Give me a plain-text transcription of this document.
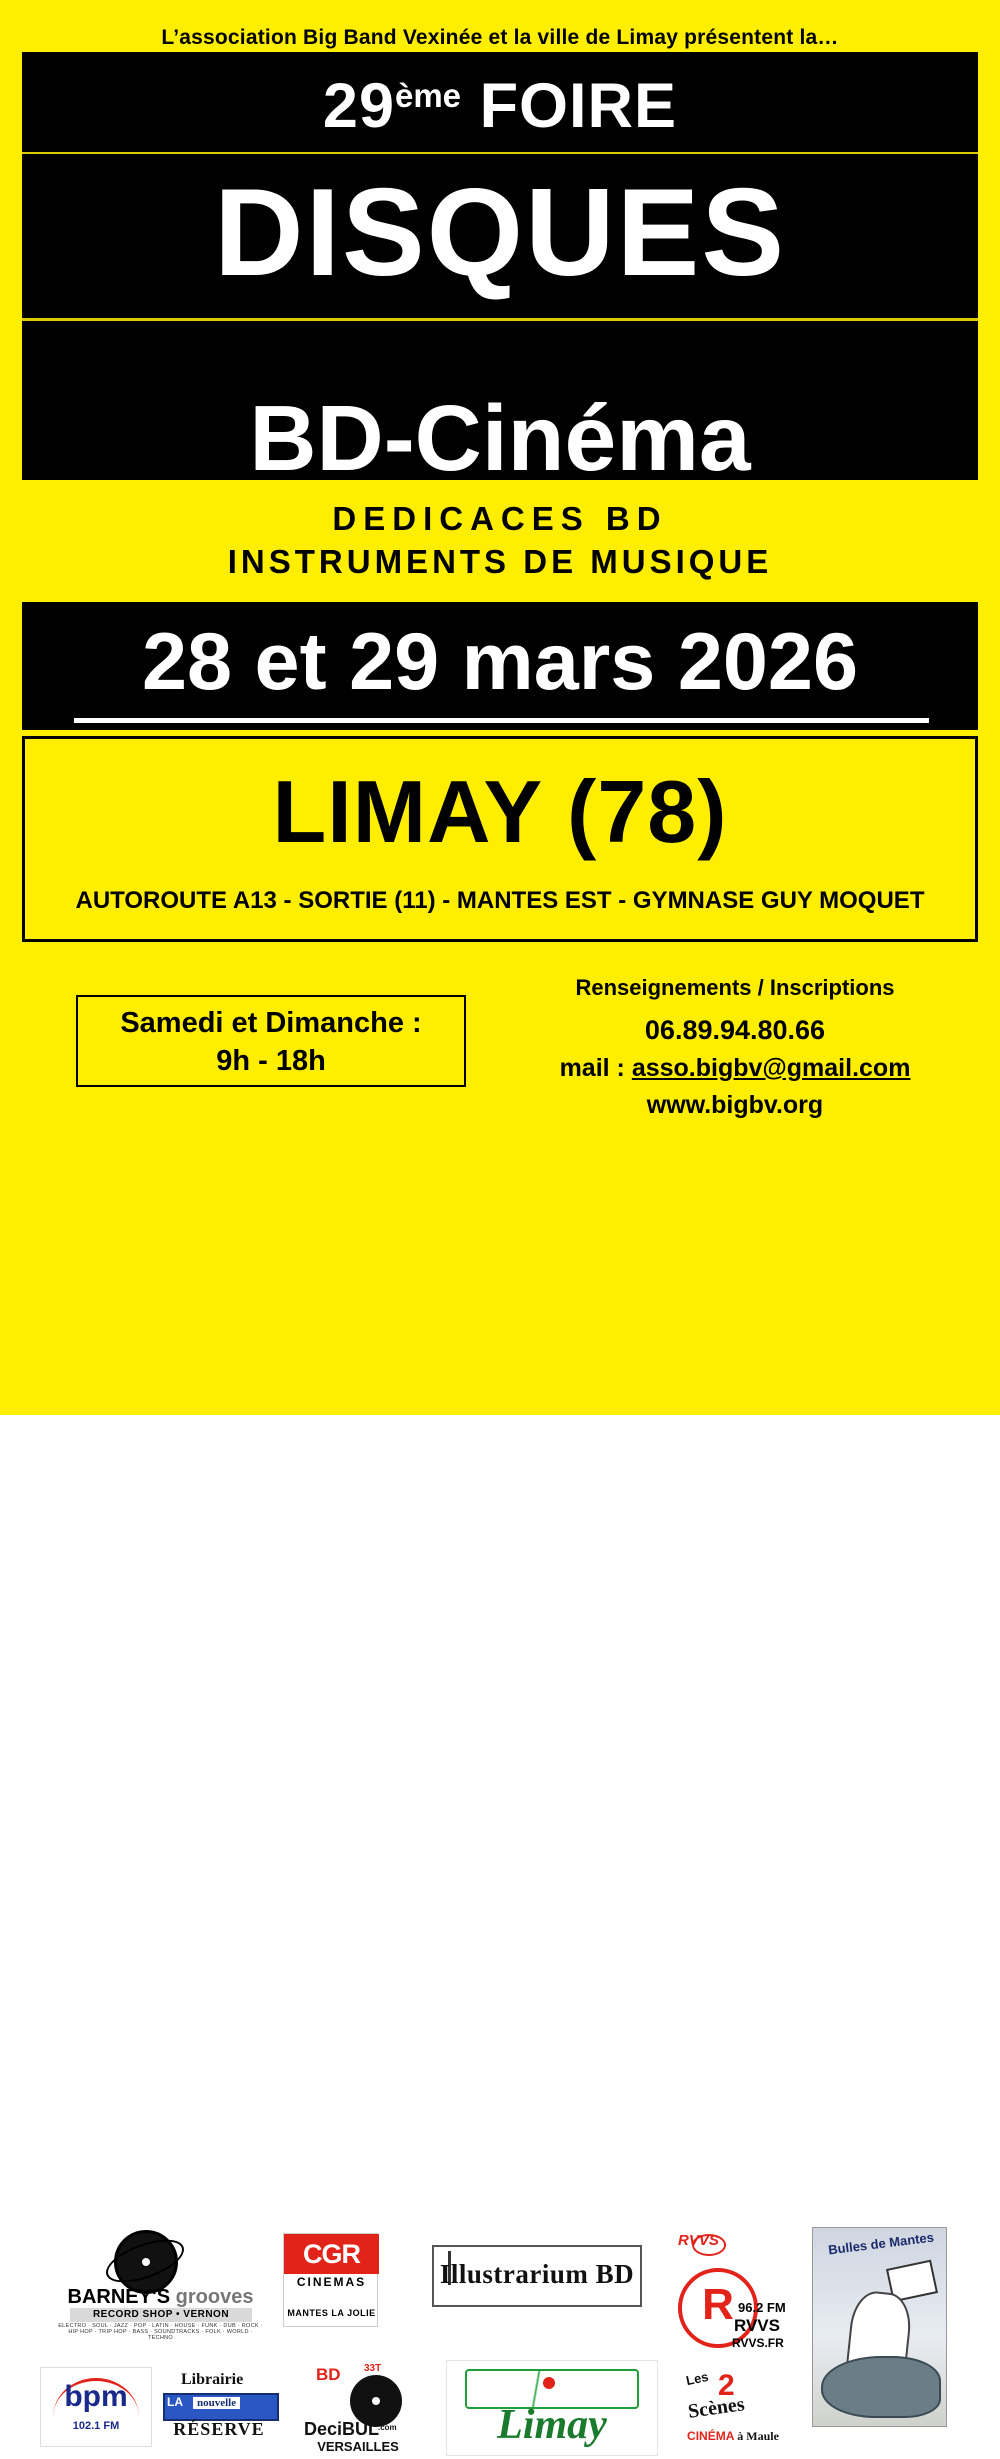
L’association Big Band Vexinée et la ville de Limay présentent la…
29ème FOIRE
DISQUES
BD-Cinéma
DEDICACES BD
INSTRUMENTS DE MUSIQUE
28 et 29 mars 2026
LIMAY (78)
AUTOROUTE A13 - SORTIE (11) - MANTES EST - GYMNASE GUY MOQUET
Samedi et Dimanche :
9h - 18h
Renseignements / Inscriptions
06.89.94.80.66
mail : asso.bigbv@gmail.com
www.bigbv.org
BARNEY'S grooves
RECORD SHOP • VERNON
ELECTRO · SOUL · JAZZ · POP · LATIN · HOUSE · FUNK · DUB · ROCK · HIP HOP · TRIP HOP · BASS · SOUNDTRACKS · FOLK · WORLD · TECHNO
CGR
CINEMAS
MANTES LA JOLIE
Illustrarium BD
RVVS
R 96.2 FM
RVVS
RVVS.FR
Bulles de Mantes
bpm
102.1 FM
Librairie
LA	nouvelle
RÉSERVE
BD 33T
DeciBUL
.com
VERSAILLES	Limay
Les 2
Scènes
CINÉMA à Maule
